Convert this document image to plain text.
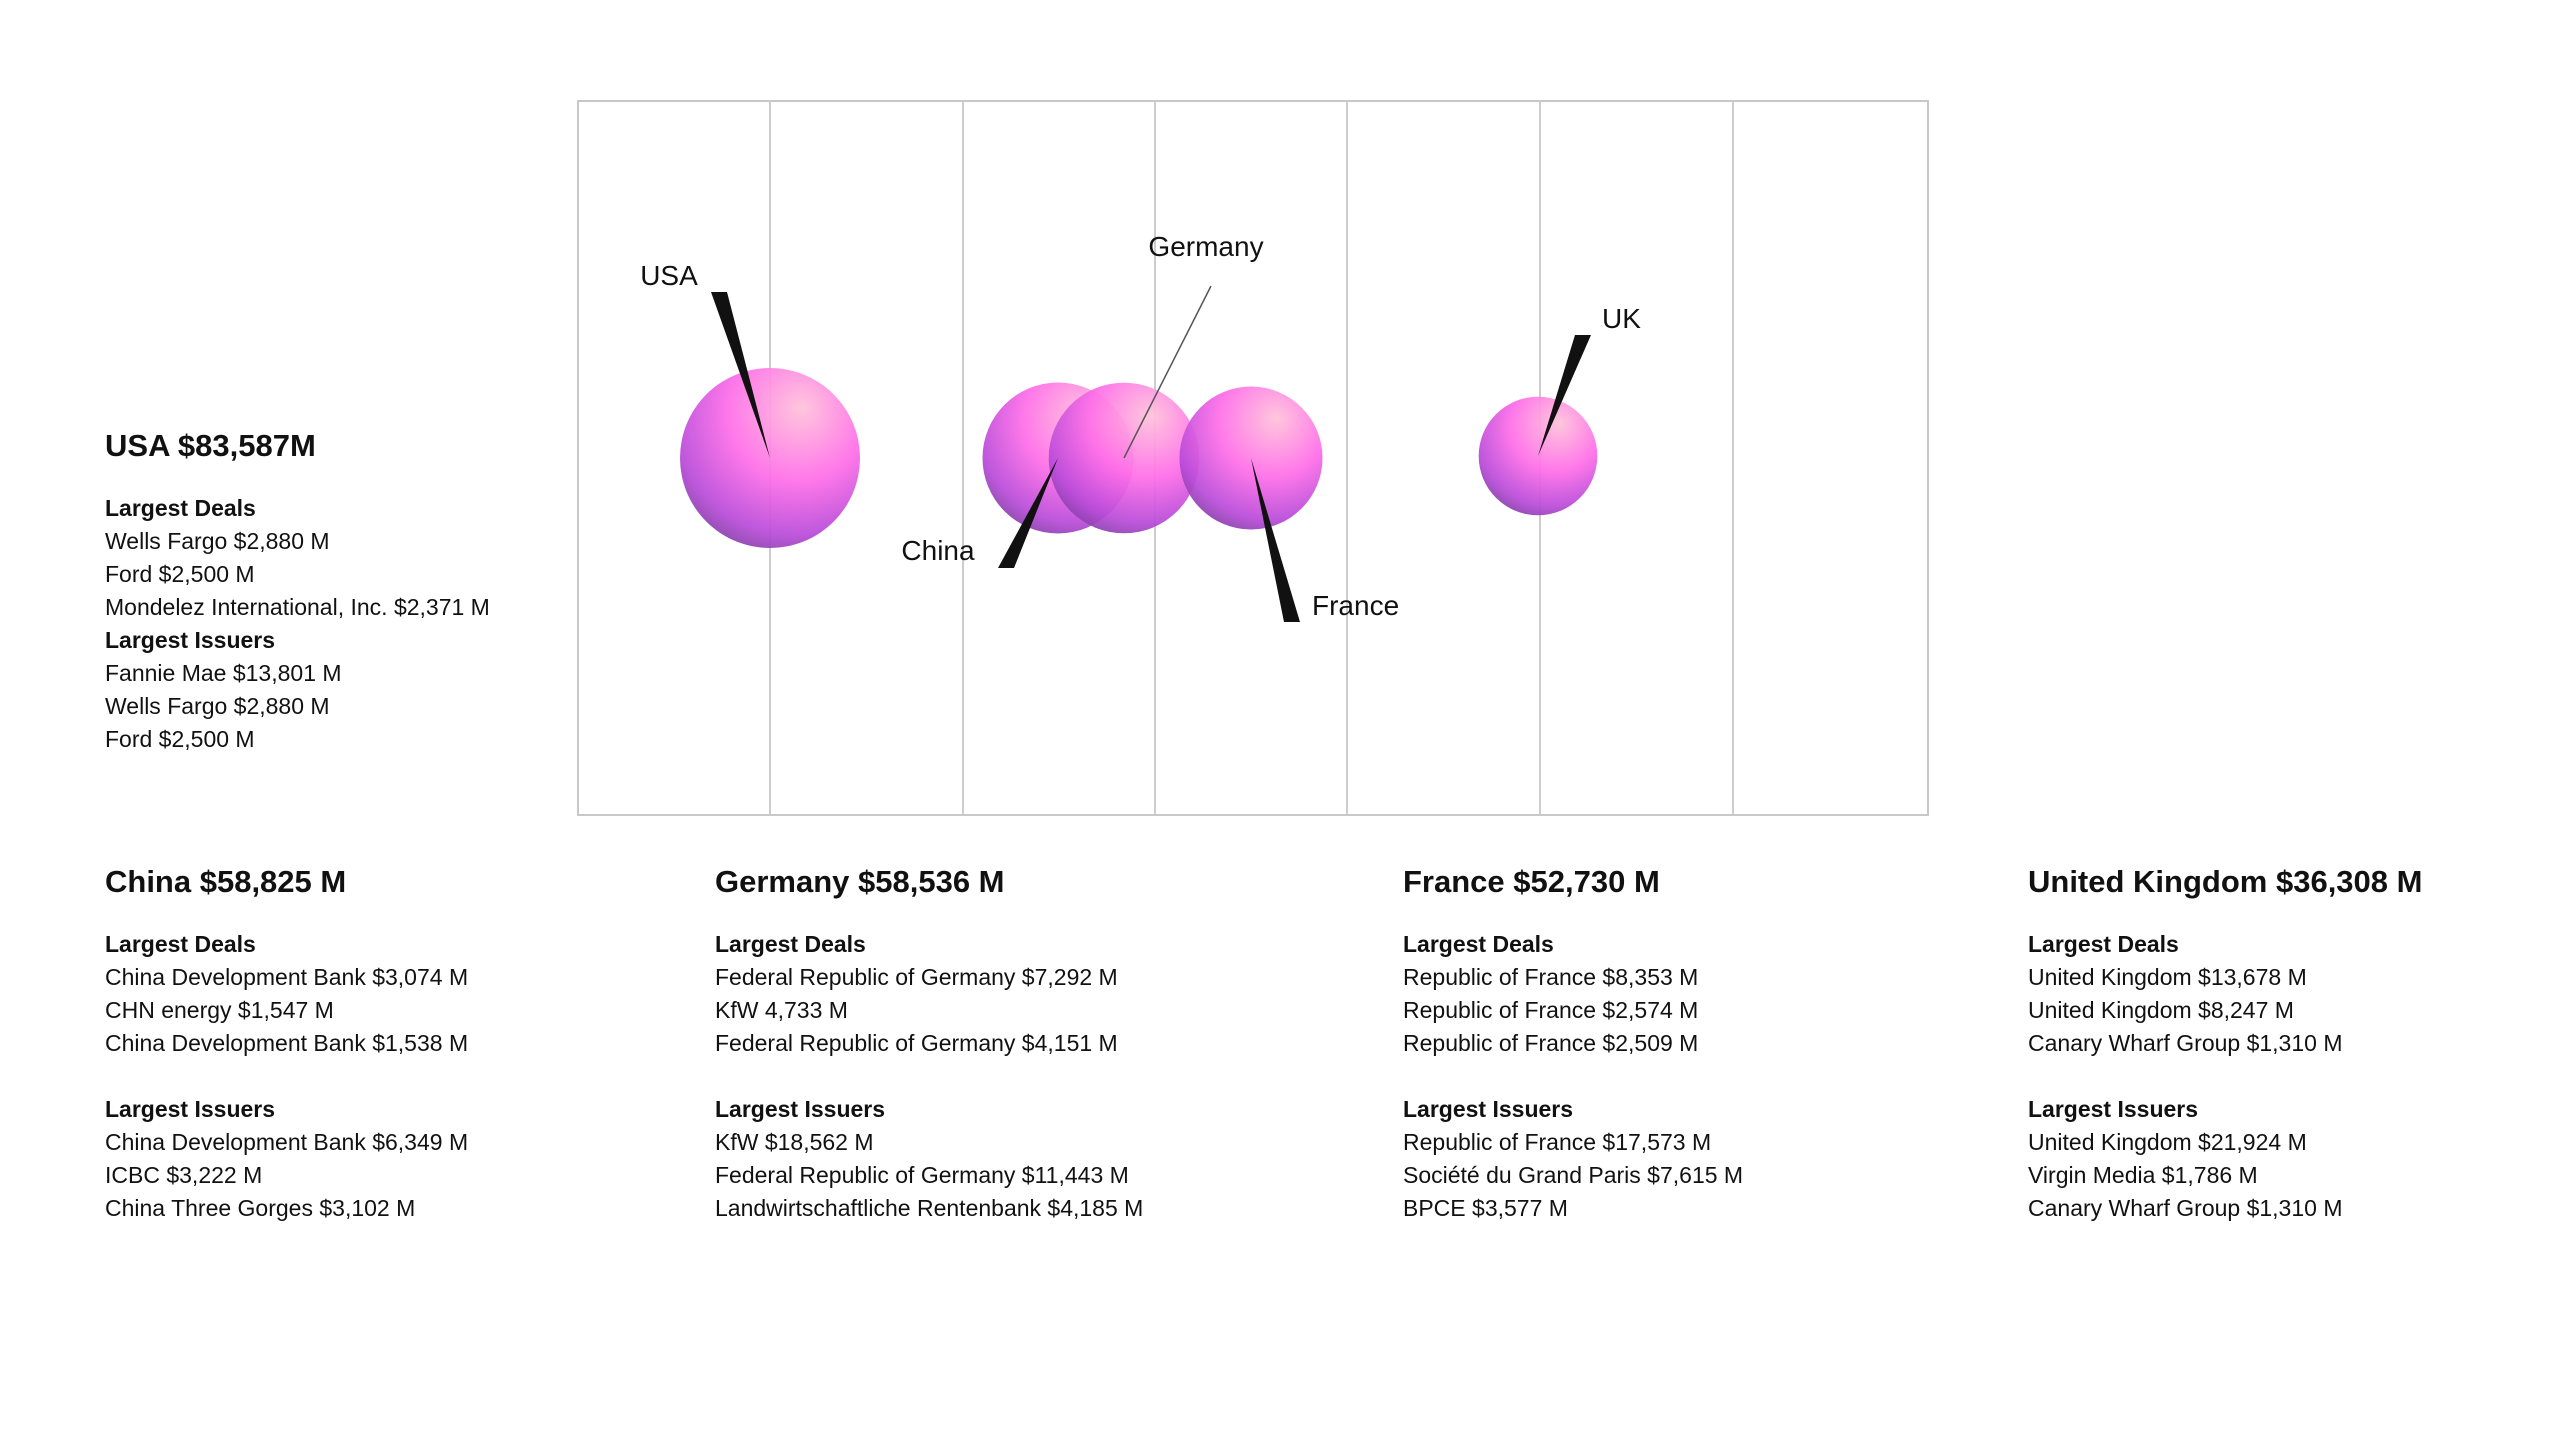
USA
China
Germany
France
UK
USA $83,587M
Largest Deals
Wells Fargo $2,880 M
Ford $2,500 M
Mondelez International, Inc. $2,371 M
Largest Issuers
Fannie Mae $13,801 M
Wells Fargo $2,880 M
Ford $2,500 M
China $58,825 M
Largest Deals
China Development Bank $3,074 M
CHN energy $1,547 M
China Development Bank $1,538 M
Largest Issuers
China Development Bank $6,349 M
ICBC $3,222 M
China Three Gorges $3,102 M
Germany $58,536 M
Largest Deals
Federal Republic of Germany $7,292 M
KfW 4,733 M
Federal Republic of Germany $4,151 M
Largest Issuers
KfW $18,562 M
Federal Republic of Germany $11,443 M
Landwirtschaftliche Rentenbank $4,185 M
France $52,730 M
Largest Deals
Republic of France $8,353 M
Republic of France $2,574 M
Republic of France $2,509 M
Largest Issuers
Republic of France $17,573 M
Société du Grand Paris $7,615 M
BPCE $3,577 M
United Kingdom $36,308 M
Largest Deals
United Kingdom $13,678 M
United Kingdom $8,247 M
Canary Wharf Group $1,310 M
Largest Issuers
United Kingdom $21,924 M
Virgin Media $1,786 M
Canary Wharf Group $1,310 M
